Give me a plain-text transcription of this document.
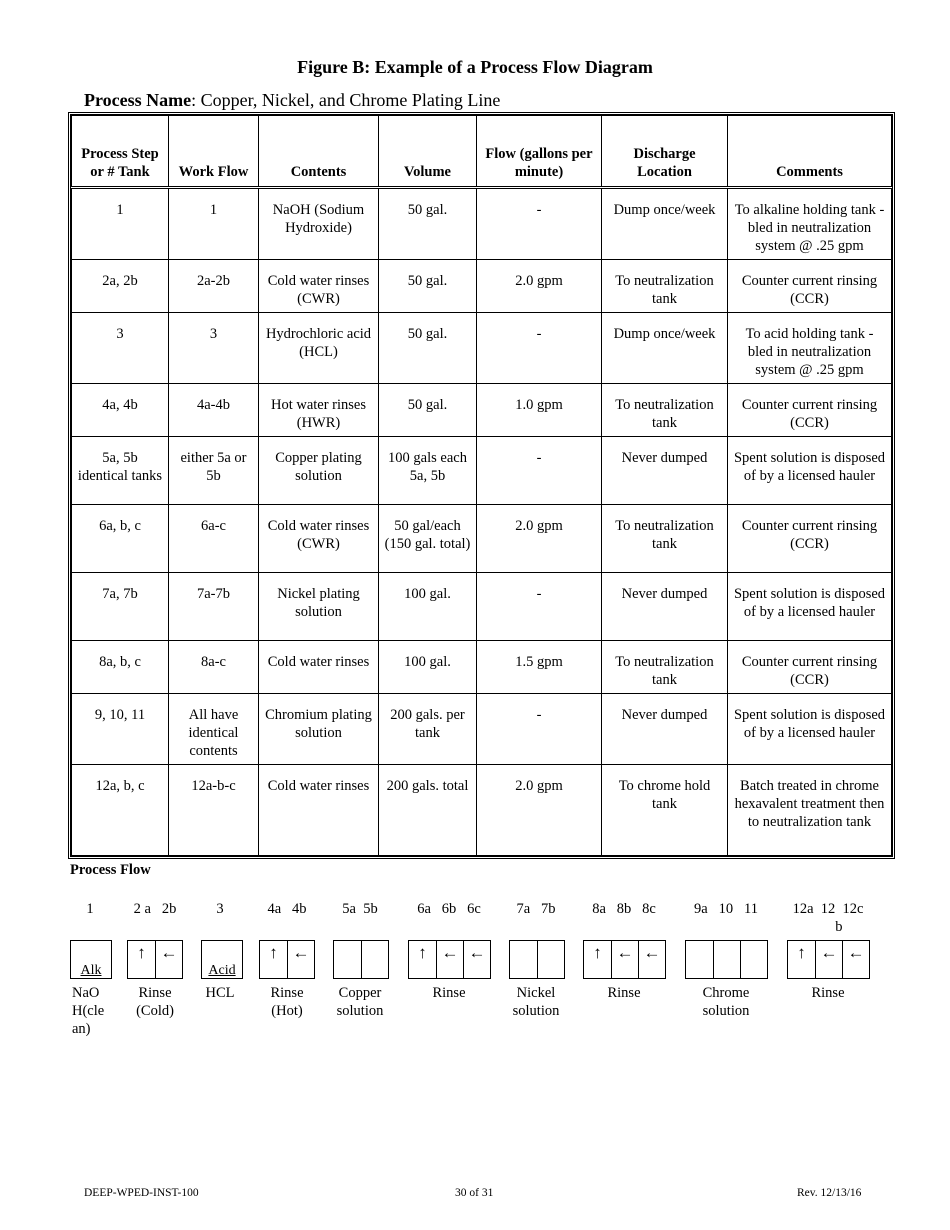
Figure B: Example of a Process Flow Diagram
Process Name: Copper, Nickel, and Chrome Plating Line
Process Step or # Tank	Work Flow	Contents	Volume	Flow (gallons per minute)	Discharge Location	Comments
1	1	NaOH (Sodium Hydroxide)	50 gal.	-	Dump once/week	To alkaline holding tank - bled in neutralization system @ .25 gpm
2a, 2b	2a-2b	Cold water rinses (CWR)	50 gal.	2.0 gpm	To neutralization tank	Counter current rinsing (CCR)
3	3	Hydrochloric acid (HCL)	50 gal.	-	Dump once/week	To acid holding tank - bled in neutralization system @ .25 gpm
4a, 4b	4a-4b	Hot water rinses (HWR)	50 gal.	1.0 gpm	To neutralization tank	Counter current rinsing (CCR)
5a, 5b identical tanks	either 5a or 5b	Copper plating solution	100 gals each 5a, 5b	-	Never dumped	Spent solution is disposed of by a licensed hauler
6a, b, c	6a-c	Cold water rinses (CWR)	50 gal/each (150 gal. total)	2.0 gpm	To neutralization tank	Counter current rinsing (CCR)
7a, 7b	7a-7b	Nickel plating solution	100 gal.	-	Never dumped	Spent solution is disposed of by a licensed hauler
8a, b, c	8a-c	Cold water rinses	100 gal.	1.5 gpm	To neutralization tank	Counter current rinsing (CCR)
9, 10, 11	All have identical contents	Chromium plating solution	200 gals. per tank	-	Never dumped	Spent solution is disposed of by a licensed hauler
12a, b, c	12a-b-c	Cold water rinses	200 gals. total	2.0 gpm	To chrome hold tank	Batch treated in chrome hexavalent treatment then to neutralization tank
Process Flow
1
Alk
NaO
H(cle
an)
2 a   2b
↑ ←
Rinse
(Cold)
3
Acid
HCL
4a   4b
↑ ←
Rinse
(Hot)
5a  5b
Copper
solution
6a   6b   6c
↑ ← ←
Rinse
7a   7b
Nickel
solution
8a   8b   8c
↑ ← ←
Rinse
9a   10   11
Chrome
solution
12a  12  12c
b
↑ ← ←
Rinse
DEEP-WPED-INST-100	30 of 31	Rev. 12/13/16
